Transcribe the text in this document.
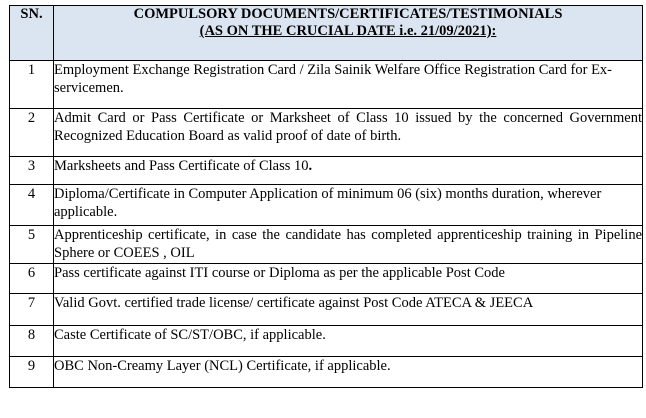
SN.	COMPULSORY DOCUMENTS/CERTIFICATES/TESTIMONIALS
(AS ON THE CRUCIAL DATE i.e. 21/09/2021):

1	Employment Exchange Registration Card / Zila Sainik Welfare Office Registration Card for Ex-servicemen.
2	Admit Card or Pass Certificate or Marksheet of Class 10 issued by the concerned Government Recognized Education Board as valid proof of date of birth.
3	Marksheets and Pass Certificate of Class 10.
4	Diploma/Certificate in Computer Application of minimum 06 (six) months duration, wherever applicable.
5	Apprenticeship certificate, in case the candidate has completed apprenticeship training in Pipeline Sphere or COEES , OIL
6	Pass certificate against ITI course or Diploma as per the applicable Post Code
7	Valid Govt. certified trade license/ certificate against Post Code ATECA & JEECA
8	Caste Certificate of SC/ST/OBC, if applicable.
9	OBC Non-Creamy Layer (NCL) Certificate, if applicable.
